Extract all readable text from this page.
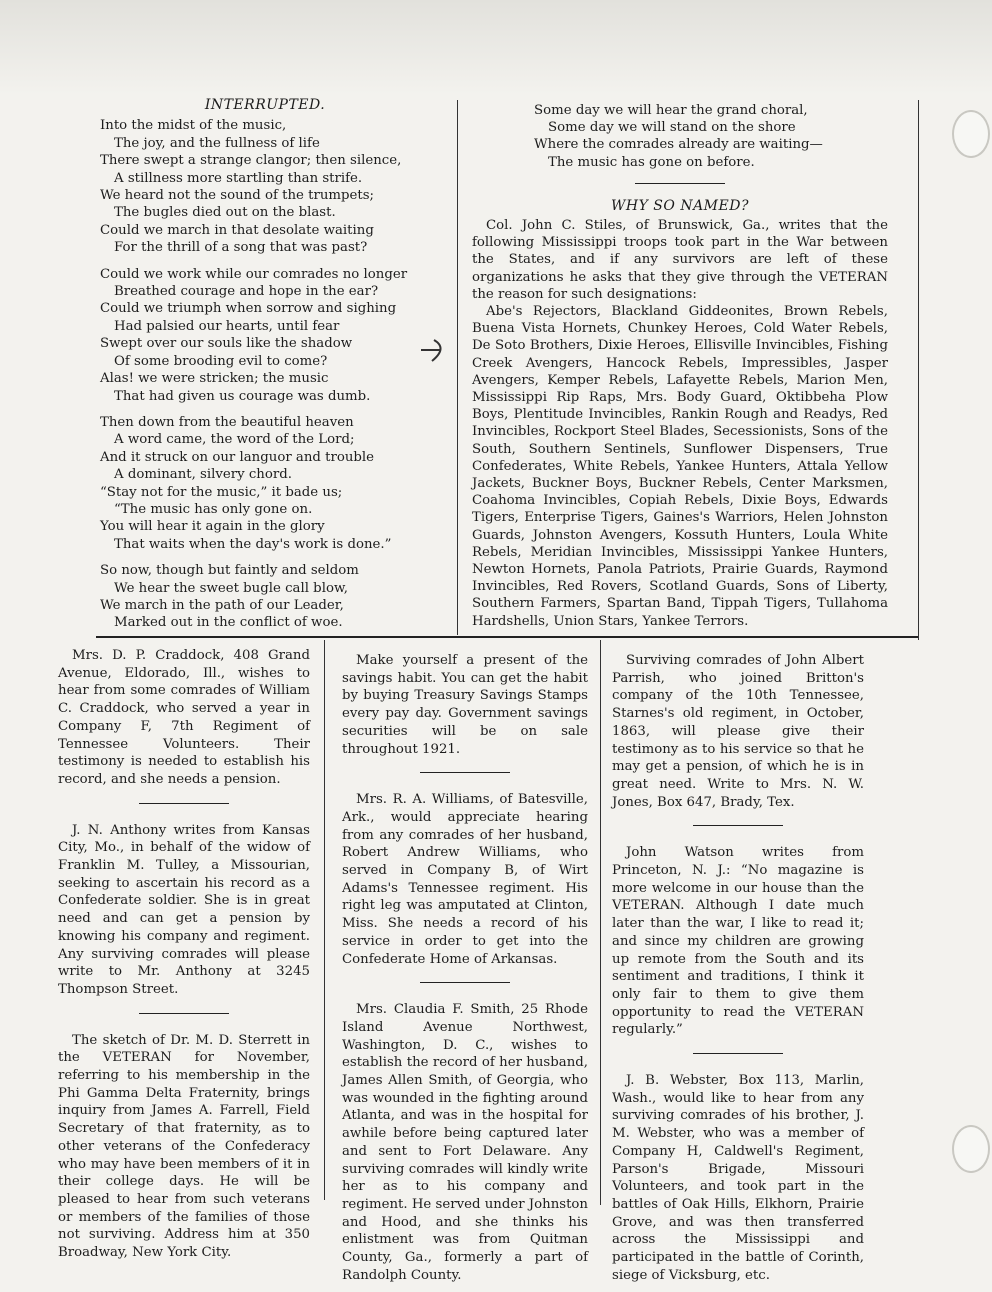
INTERRUPTED.
Into the midst of the music,
The joy, and the fullness of life
There swept a strange clangor; then silence,
A stillness more startling than strife.
We heard not the sound of the trumpets;
The bugles died out on the blast.
Could we march in that desolate waiting
For the thrill of a song that was past?
Could we work while our comrades no longer
Breathed courage and hope in the ear?
Could we triumph when sorrow and sighing
Had palsied our hearts, until fear
Swept over our souls like the shadow
Of some brooding evil to come?
Alas! we were stricken; the music
That had given us courage was dumb.
Then down from the beautiful heaven
A word came, the word of the Lord;
And it struck on our languor and trouble
A dominant, silvery chord.
“Stay not for the music,” it bade us;
“The music has only gone on.
You will hear it again in the glory
That waits when the day's work is done.”
So now, though but faintly and seldom
We hear the sweet bugle call blow,
We march in the path of our Leader,
Marked out in the conflict of woe.
Some day we will hear the grand choral,
Some day we will stand on the shore
Where the comrades already are waiting—
The music has gone on before.
WHY SO NAMED?
Col. John C. Stiles, of Brunswick, Ga., writes that the following Mississippi troops took part in the War between the States, and if any survivors are left of these organizations he asks that they give through the VETERAN the reason for such designations:
Abe's Rejectors, Blackland Giddeonites, Brown Rebels, Buena Vista Hornets, Chunkey Heroes, Cold Water Rebels, De Soto Brothers, Dixie Heroes, Ellisville Invincibles, Fishing Creek Avengers, Hancock Rebels, Impressibles, Jasper Avengers, Kemper Rebels, Lafayette Rebels, Marion Men, Mississippi Rip Raps, Mrs. Body Guard, Oktibbeha Plow Boys, Plentitude Invincibles, Rankin Rough and Readys, Red Invincibles, Rockport Steel Blades, Secessionists, Sons of the South, Southern Sentinels, Sunflower Dispensers, True Confederates, White Rebels, Yankee Hunters, Attala Yellow Jackets, Buckner Boys, Buckner Rebels, Center Marksmen, Coahoma Invincibles, Copiah Rebels, Dixie Boys, Edwards Tigers, Enterprise Tigers, Gaines's Warriors, Helen Johnston Guards, Johnston Avengers, Kossuth Hunters, Loula White Rebels, Meridian Invincibles, Mississippi Yankee Hunters, Newton Hornets, Panola Patriots, Prairie Guards, Raymond Invincibles, Red Rovers, Scotland Guards, Sons of Liberty, Southern Farmers, Spartan Band, Tippah Tigers, Tullahoma Hardshells, Union Stars, Yankee Terrors.

Mrs. D. P. Craddock, 408 Grand Avenue, Eldorado, Ill., wishes to hear from some comrades of William C. Craddock, who served a year in Company F, 7th Regiment of Tennessee Volunteers. Their testimony is needed to establish his record, and she needs a pension.

J. N. Anthony writes from Kansas City, Mo., in behalf of the widow of Franklin M. Tulley, a Missourian, seeking to ascertain his record as a Confederate soldier. She is in great need and can get a pension by knowing his company and regiment. Any surviving comrades will please write to Mr. Anthony at 3245 Thompson Street.

The sketch of Dr. M. D. Sterrett in the VETERAN for November, referring to his membership in the Phi Gamma Delta Fraternity, brings inquiry from James A. Farrell, Field Secretary of that fraternity, as to other veterans of the Confederacy who may have been members of it in their college days. He will be pleased to hear from such veterans or members of the families of those not surviving. Address him at 350 Broadway, New York City.

Make yourself a present of the savings habit. You can get the habit by buying Treasury Savings Stamps every pay day. Government savings securities will be on sale throughout 1921.

Mrs. R. A. Williams, of Batesville, Ark., would appreciate hearing from any comrades of her husband, Robert Andrew Williams, who served in Company B, of Wirt Adams's Tennessee regiment. His right leg was amputated at Clinton, Miss. She needs a record of his service in order to get into the Confederate Home of Arkansas.

Mrs. Claudia F. Smith, 25 Rhode Island Avenue Northwest, Washington, D. C., wishes to establish the record of her husband, James Allen Smith, of Georgia, who was wounded in the fighting around Atlanta, and was in the hospital for awhile before being captured later and sent to Fort Delaware. Any surviving comrades will kindly write her as to his company and regiment. He served under Johnston and Hood, and she thinks his enlistment was from Quitman County, Ga., formerly a part of Randolph County.

Surviving comrades of John Albert Parrish, who joined Britton's company of the 10th Tennessee, Starnes's old regiment, in October, 1863, will please give their testimony as to his service so that he may get a pension, of which he is in great need. Write to Mrs. N. W. Jones, Box 647, Brady, Tex.

John Watson writes from Princeton, N. J.: “No magazine is more welcome in our house than the VETERAN. Although I date much later than the war, I like to read it; and since my children are growing up remote from the South and its sentiment and traditions, I think it only fair to them to give them opportunity to read the VETERAN regularly.”

J. B. Webster, Box 113, Marlin, Wash., would like to hear from any surviving comrades of his brother, J. M. Webster, who was a member of Company H, Caldwell's Regiment, Parson's Brigade, Missouri Volunteers, and took part in the battles of Oak Hills, Elkhorn, Prairie Grove, and was then transferred across the Mississippi and participated in the battle of Corinth, siege of Vicksburg, etc.
